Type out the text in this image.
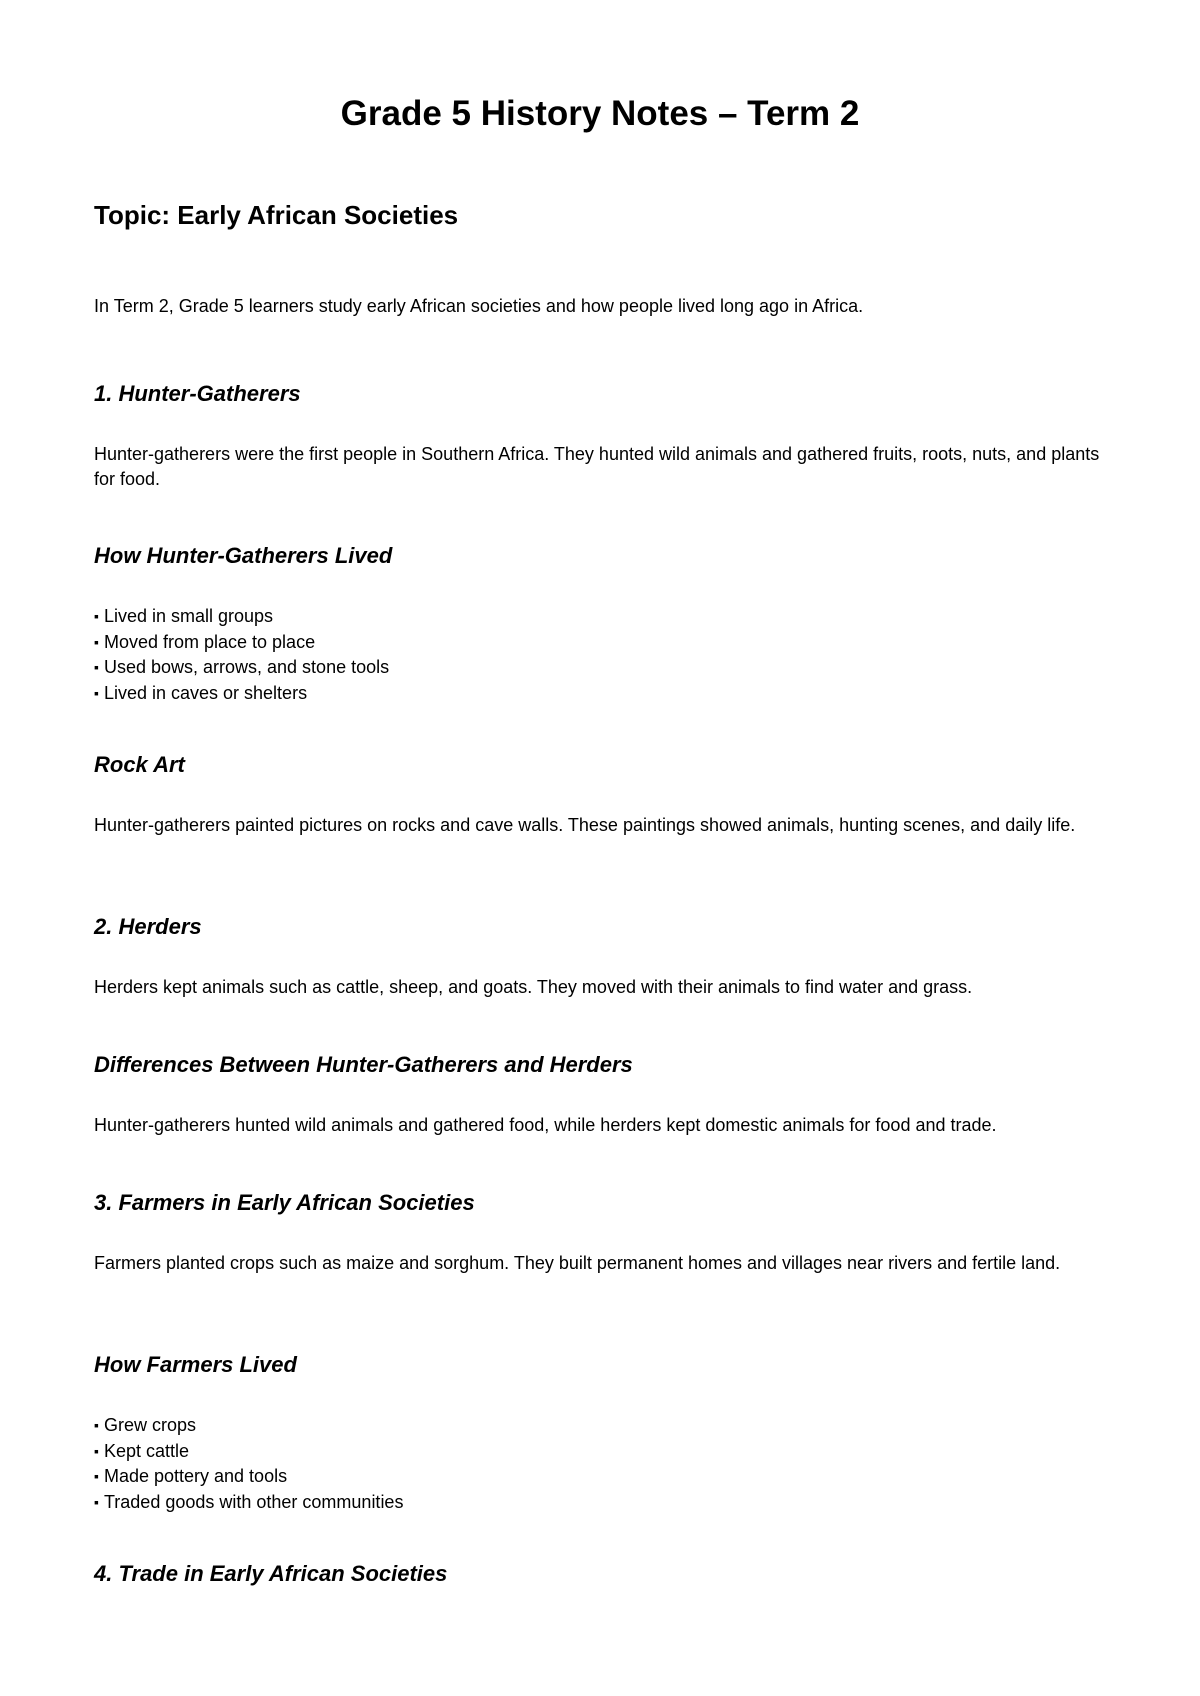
Grade 5 History Notes – Term 2
Topic: Early African Societies
In Term 2, Grade 5 learners study early African societies and how people lived long ago in Africa.
1. Hunter-Gatherers
Hunter-gatherers were the first people in Southern Africa. They hunted wild animals and gathered fruits, roots, nuts, and plants for food.
How Hunter-Gatherers Lived
▪ Lived in small groups
▪ Moved from place to place
▪ Used bows, arrows, and stone tools
▪ Lived in caves or shelters
Rock Art
Hunter-gatherers painted pictures on rocks and cave walls. These paintings showed animals, hunting scenes, and daily life.
2. Herders
Herders kept animals such as cattle, sheep, and goats. They moved with their animals to find water and grass.
Differences Between Hunter-Gatherers and Herders
Hunter-gatherers hunted wild animals and gathered food, while herders kept domestic animals for food and trade.
3. Farmers in Early African Societies
Farmers planted crops such as maize and sorghum. They built permanent homes and villages near rivers and fertile land.
How Farmers Lived
▪ Grew crops
▪ Kept cattle
▪ Made pottery and tools
▪ Traded goods with other communities
4. Trade in Early African Societies
